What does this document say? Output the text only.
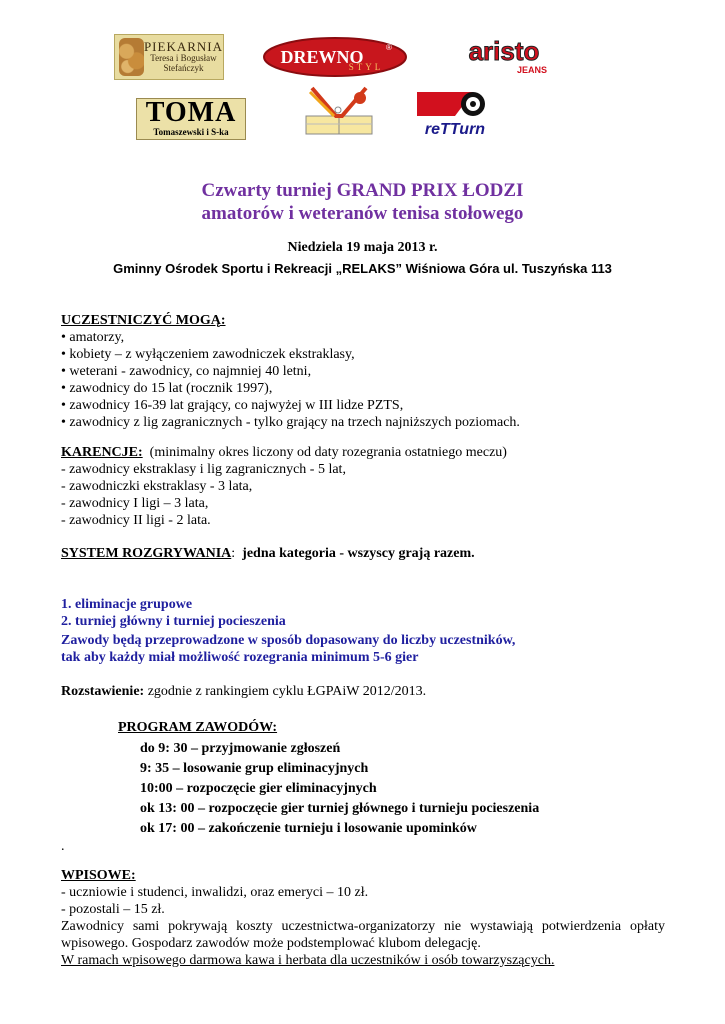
PIEKARNIA
Teresa i Bogusław
Stefańczyk
DREWNO
STYL
®	aristo
JEANS
TOMA
Tomaszewski i S-ka	reTTurn
Czwarty turniej GRAND PRIX ŁODZI
amatorów i weteranów tenisa stołowego
Niedziela 19 maja 2013 r.
Gminny Ośrodek Sportu i Rekreacji „RELAKS” Wiśniowa Góra ul. Tuszyńska 113
UCZESTNICZYĆ MOGĄ:
• amatorzy,
• kobiety – z wyłączeniem zawodniczek ekstraklasy,
• weterani - zawodnicy, co najmniej 40 letni,
• zawodnicy do 15 lat (rocznik 1997),
• zawodnicy 16-39 lat grający, co najwyżej w III lidze PZTS,
• zawodnicy z lig zagranicznych - tylko grający na trzech najniższych poziomach.
KARENCJE: (minimalny okres liczony od daty rozegrania ostatniego meczu)
- zawodnicy ekstraklasy i lig zagranicznych - 5 lat,
- zawodniczki ekstraklasy - 3 lata,
- zawodnicy I ligi – 3 lata,
- zawodnicy II ligi - 2 lata.
SYSTEM ROZGRYWANIA: jedna kategoria - wszyscy grają razem.
1. eliminacje grupowe
2. turniej główny i turniej pocieszenia
Zawody będą przeprowadzone w sposób dopasowany do liczby uczestników,
tak aby każdy miał możliwość rozegrania minimum 5-6 gier
Rozstawienie: zgodnie z rankingiem cyklu ŁGPAiW 2012/2013.
PROGRAM ZAWODÓW:
do 9: 30 – przyjmowanie zgłoszeń
9: 35 – losowanie grup eliminacyjnych
10:00 – rozpoczęcie gier eliminacyjnych
ok 13: 00 – rozpoczęcie gier turniej głównego i turnieju pocieszenia
ok 17: 00 – zakończenie turnieju i losowanie upominków
.
WPISOWE:
- uczniowie i studenci, inwalidzi, oraz emeryci – 10 zł.
- pozostali – 15 zł.
Zawodnicy sami pokrywają koszty uczestnictwa-organizatorzy nie wystawiają potwierdzenia opłaty
wpisowego. Gospodarz zawodów może podstemplować klubom delegację.
W ramach wpisowego darmowa kawa i herbata dla uczestników i osób towarzyszących.
